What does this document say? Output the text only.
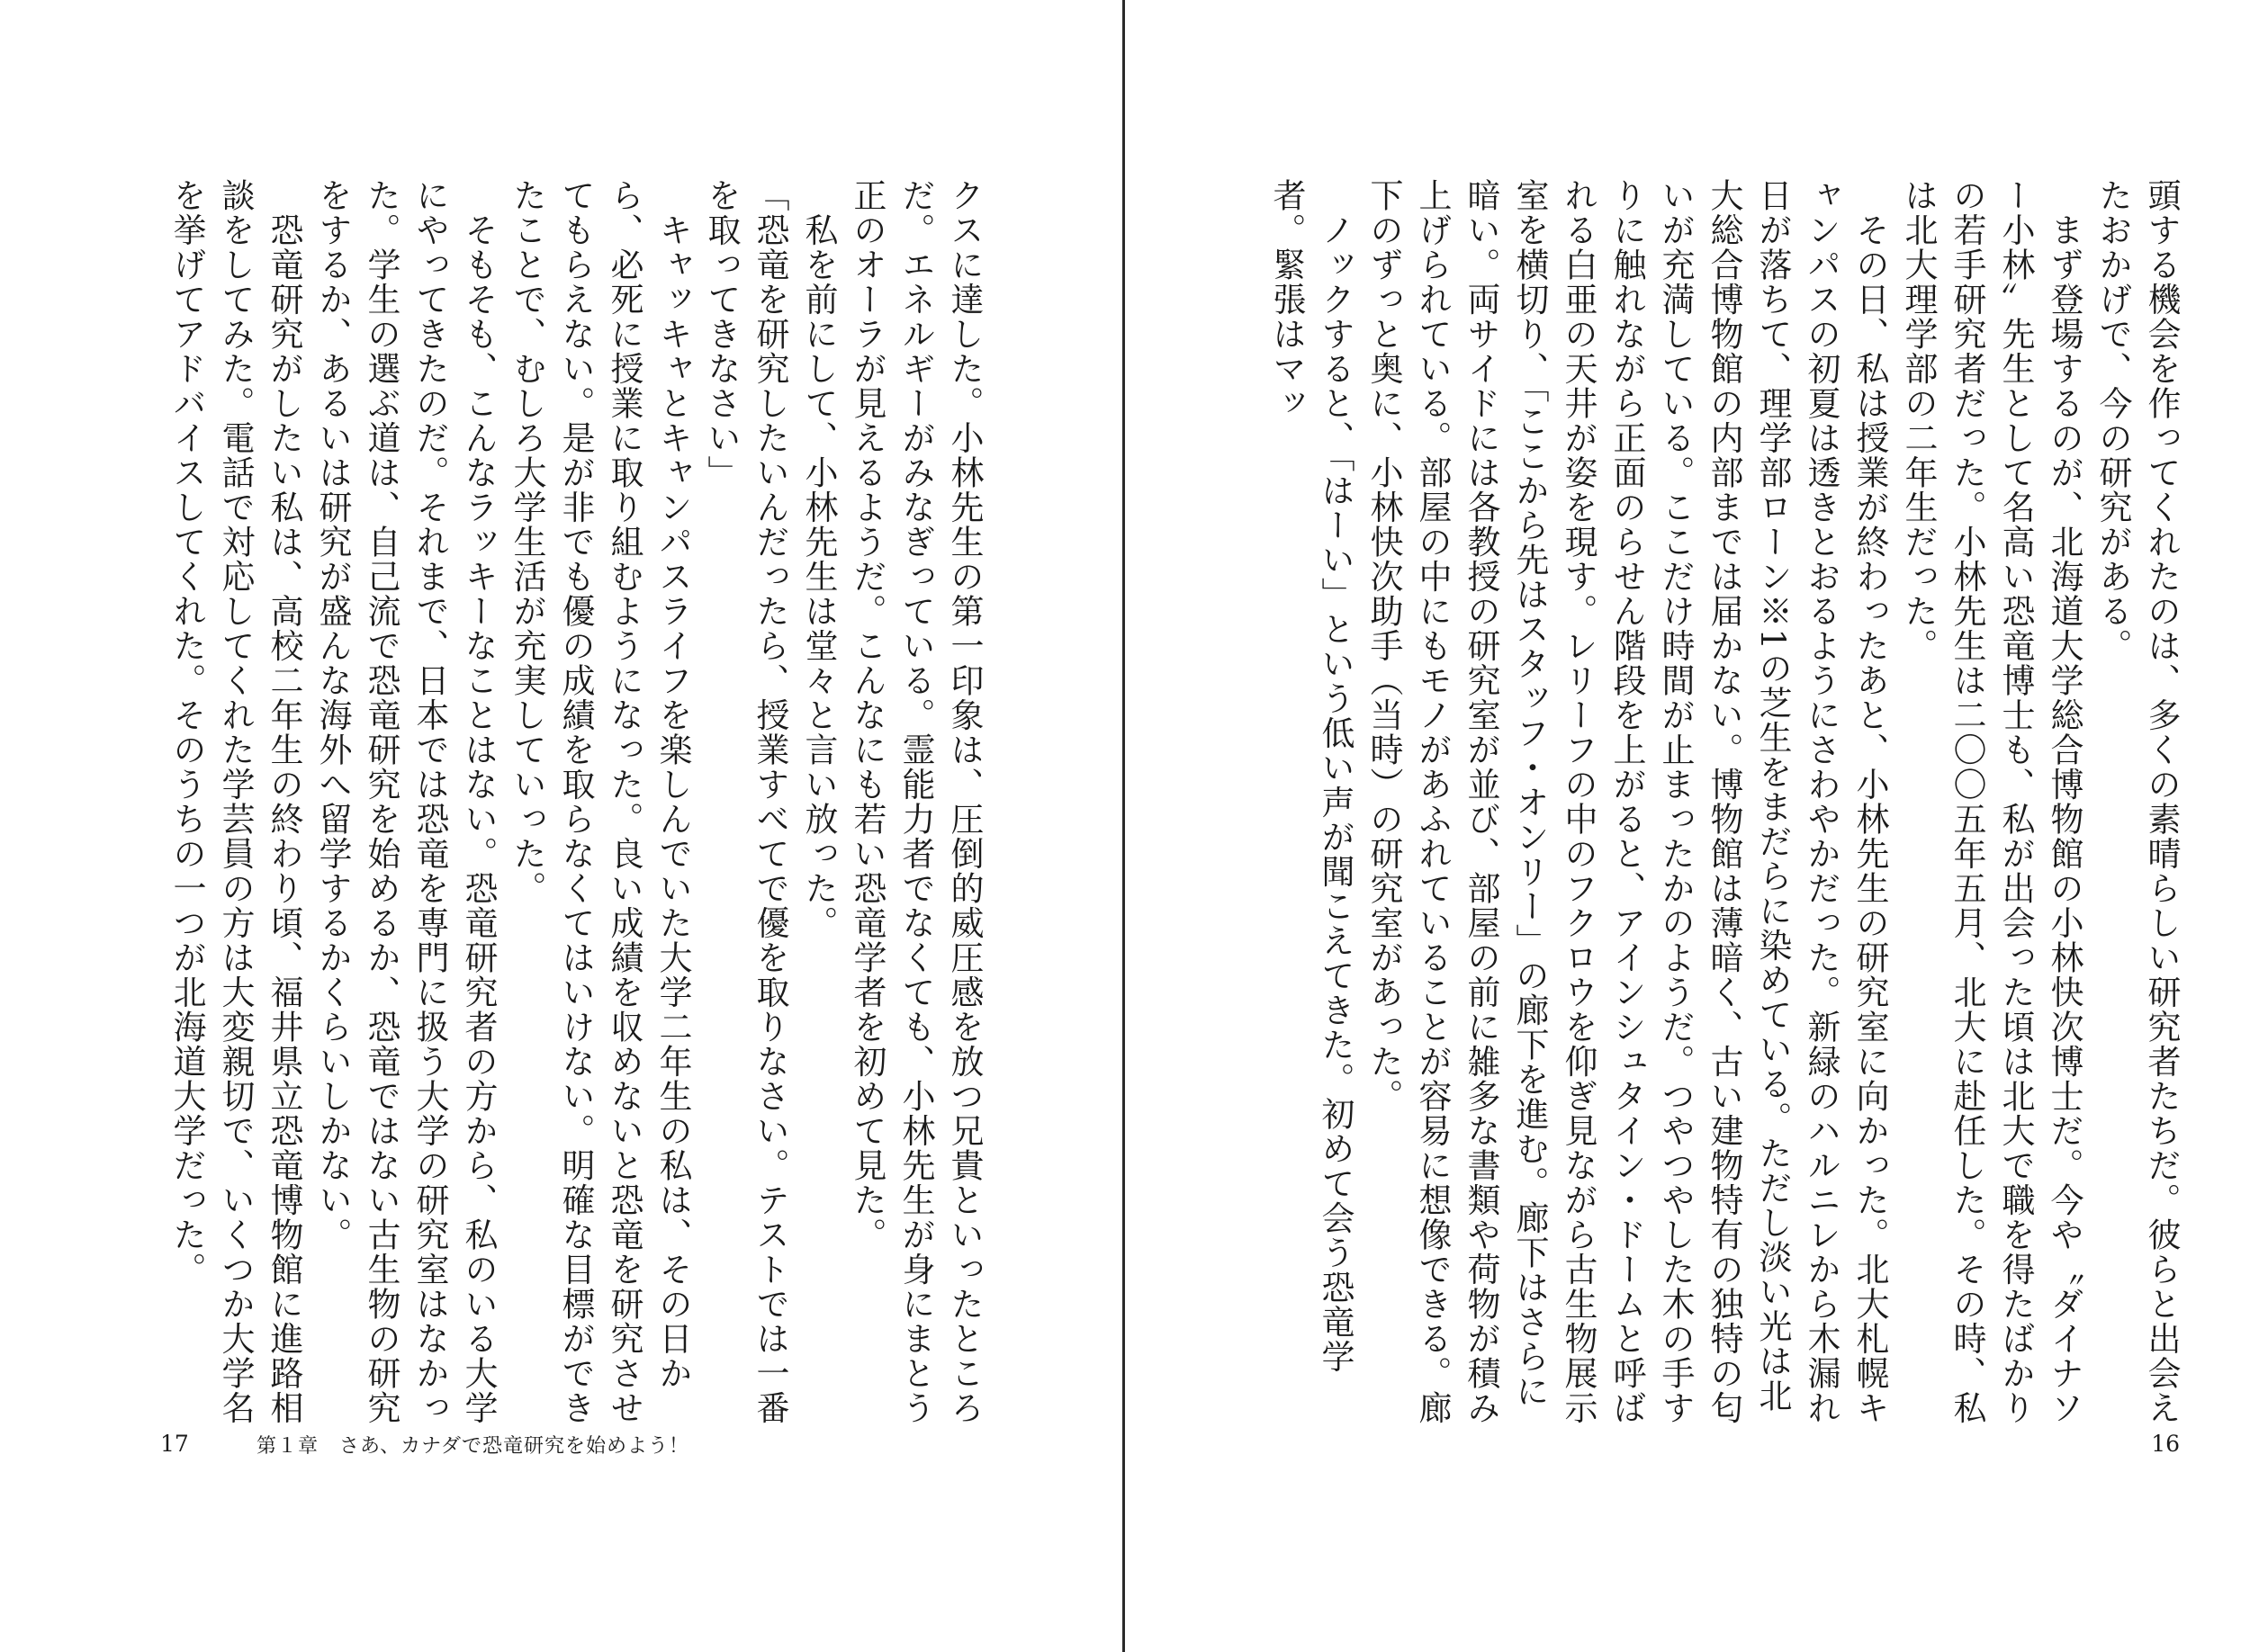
頭する機会を作ってくれたのは、多くの素晴らしい研究者たちだ。彼らと出会えたおかげで、今の研究がある。

　まず登場するのが、北海道大学総合博物館の小林快次博士だ。今や〝ダイナソー小林〟先生として名高い恐竜博士も、私が出会った頃は北大で職を得たばかりの若手研究者だった。小林先生は二〇〇五年五月、北大に赴任した。その時、私は北大理学部の二年生だった。

　その日、私は授業が終わったあと、小林先生の研究室に向かった。北大札幌キャンパスの初夏は透きとおるようにさわやかだった。新緑のハルニレから木漏れ日が落ちて、理学部ローン※1の芝生をまだらに染めている。ただし淡い光は北大総合博物館の内部までは届かない。博物館は薄暗く、古い建物特有の独特の匂いが充満している。ここだけ時間が止まったかのようだ。つやつやした木の手すりに触れながら正面のらせん階段を上がると、アインシュタイン・ドームと呼ばれる白亜の天井が姿を現す。レリーフの中のフクロウを仰ぎ見ながら古生物展示室を横切り、「ここから先はスタッフ・オンリー」の廊下を進む。廊下はさらに暗い。両サイドには各教授の研究室が並び、部屋の前に雑多な書類や荷物が積み上げられている。部屋の中にもモノがあふれていることが容易に想像できる。廊下のずっと奥に、小林快次助手（当時）の研究室があった。

　ノックすると、「はーい」という低い声が聞こえてきた。初めて会う恐竜学者。緊張はマッ

16

クスに達した。小林先生の第一印象は、圧倒的威圧感を放つ兄貴といったところだ。エネルギーがみなぎっている。霊能力者でなくても、小林先生が身にまとう正のオーラが見えるようだ。こんなにも若い恐竜学者を初めて見た。

　私を前にして、小林先生は堂々と言い放った。

「恐竜を研究したいんだったら、授業すべてで優を取りなさい。テストでは一番を取ってきなさい」

　キャッキャとキャンパスライフを楽しんでいた大学二年生の私は、その日から、必死に授業に取り組むようになった。良い成績を収めないと恐竜を研究させてもらえない。是が非でも優の成績を取らなくてはいけない。明確な目標ができたことで、むしろ大学生活が充実していった。

　そもそも、こんなラッキーなことはない。恐竜研究者の方から、私のいる大学にやってきたのだ。それまで、日本では恐竜を専門に扱う大学の研究室はなかった。学生の選ぶ道は、自己流で恐竜研究を始めるか、恐竜ではない古生物の研究をするか、あるいは研究が盛んな海外へ留学するかくらいしかない。

　恐竜研究がしたい私は、高校二年生の終わり頃、福井県立恐竜博物館に進路相談をしてみた。電話で対応してくれた学芸員の方は大変親切で、いくつか大学名を挙げてアドバイスしてくれた。そのうちの一つが北海道大学だった。

17	第１章　さあ、カナダで恐竜研究を始めよう！
